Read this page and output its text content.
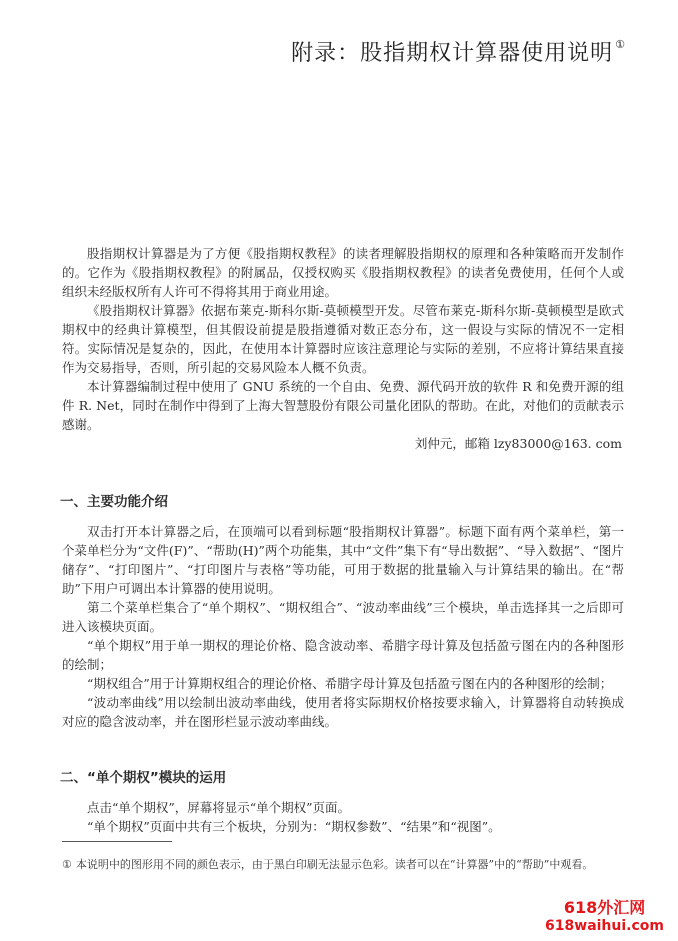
附录：股指期权计算器使用说明 ①

股指期权计算器是为了方便《股指期权教程》的读者理解股指期权的原理和各种策略而开发制作的。它作为《股指期权教程》的附属品，仅授权购买《股指期权教程》的读者免费使用，任何个人或组织未经版权所有人许可不得将其用于商业用途。

《股指期权计算器》依据布莱克-斯科尔斯-莫顿模型开发。尽管布莱克-斯科尔斯-莫顿模型是欧式期权中的经典计算模型，但其假设前提是股指遵循对数正态分布，这一假设与实际的情况不一定相符。实际情况是复杂的，因此，在使用本计算器时应该注意理论与实际的差别，不应将计算结果直接作为交易指导，否则，所引起的交易风险本人概不负责。

本计算器编制过程中使用了 GNU 系统的一个自由、免费、源代码开放的软件 R 和免费开源的组件 R. Net，同时在制作中得到了上海大智慧股份有限公司量化团队的帮助。在此，对他们的贡献表示感谢。

刘仲元，邮箱 lzy83000@163. com

一、主要功能介绍

双击打开本计算器之后，在顶端可以看到标题“股指期权计算器”。标题下面有两个菜单栏，第一个菜单栏分为“文件(F)”、“帮助(H)”两个功能集，其中“文件”集下有“导出数据”、“导入数据”、“图片储存”、“打印图片”、“打印图片与表格”等功能，可用于数据的批量输入与计算结果的输出。在“帮助”下用户可调出本计算器的使用说明。

第二个菜单栏集合了“单个期权”、“期权组合”、“波动率曲线”三个模块，单击选择其一之后即可进入该模块页面。

“单个期权”用于单一期权的理论价格、隐含波动率、希腊字母计算及包括盈亏图在内的各种图形的绘制；

“期权组合”用于计算期权组合的理论价格、希腊字母计算及包括盈亏图在内的各种图形的绘制；

“波动率曲线”用以绘制出波动率曲线，使用者将实际期权价格按要求输入，计算器将自动转换成对应的隐含波动率，并在图形栏显示波动率曲线。

二、“单个期权”模块的运用

点击“单个期权”，屏幕将显示“单个期权”页面。

“单个期权”页面中共有三个板块，分别为：“期权参数”、“结果”和“视图”。

① 本说明中的图形用不同的颜色表示，由于黑白印刷无法显示色彩。读者可以在“计算器”中的“帮助”中观看。
618外汇网
618waihui.com
